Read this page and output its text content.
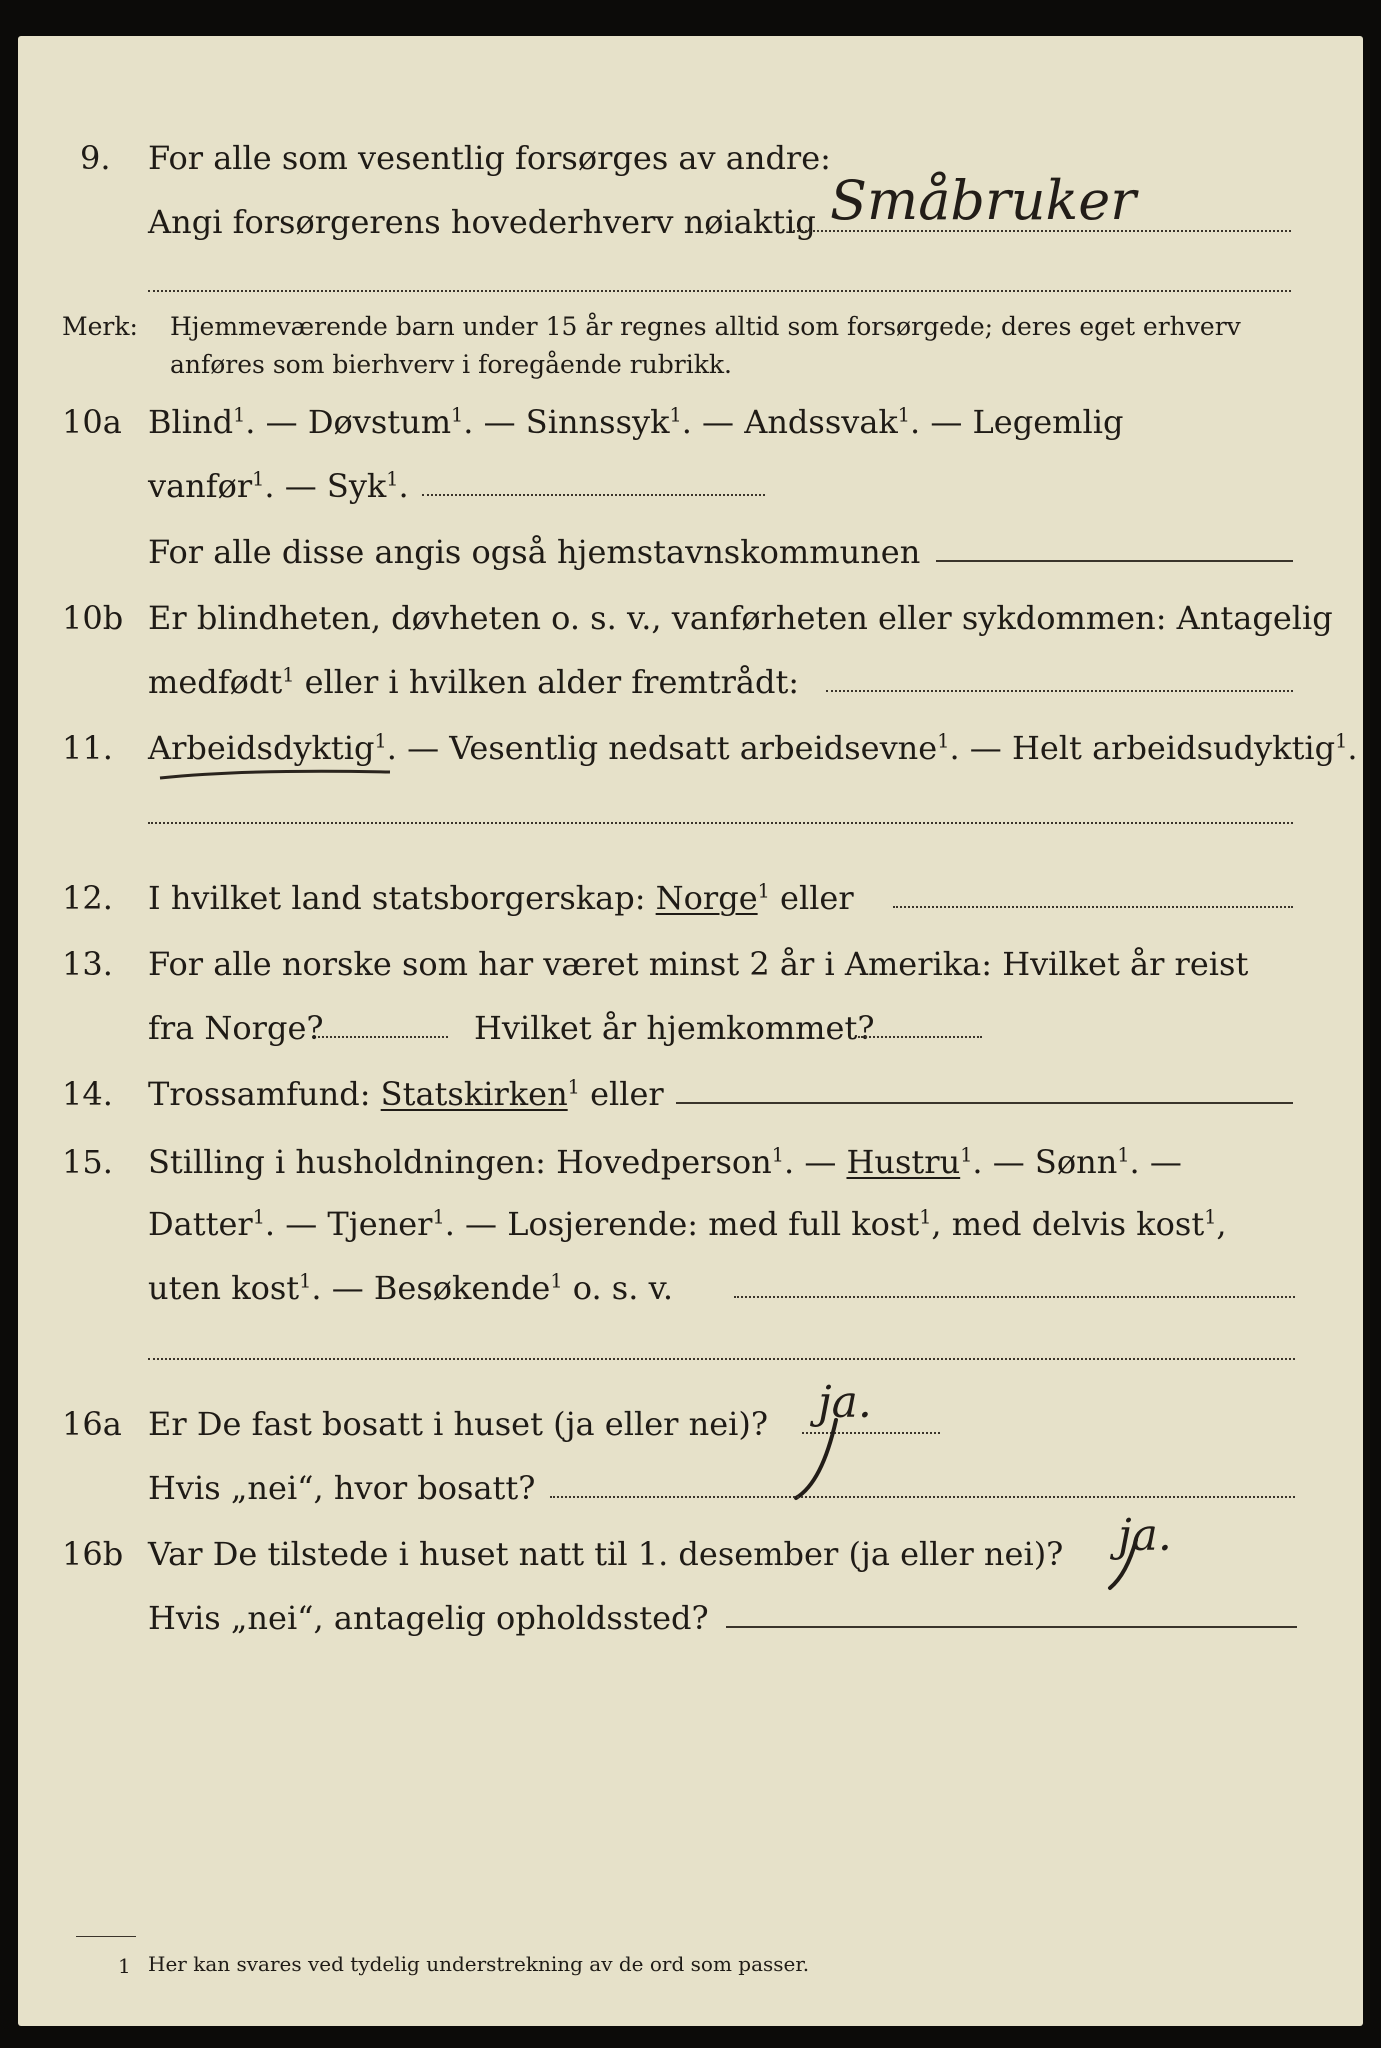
9. For alle som vesentlig forsørges av andre:
Angi forsørgerens hovederhverv nøiaktig Småbruker
Merk: Hjemmeværende barn under 15 år regnes alltid som forsørgede; deres eget erhverv
anføres som bierhverv i foregående rubrikk.
10a Blind$^1$. — Døvstum$^1$. — Sinnssyk$^1$. — Andssvak$^1$. — Legemlig
vanfør$^1$. — Syk$^1$.
For alle disse angis også hjemstavnskommunen
10b Er blindheten, døvheten o. s. v., vanførheten eller sykdommen: Antagelig
medfødt$^1$ eller i hvilken alder fremtrådt:
11. Arbeidsdyktig$^1$. — Vesentlig nedsatt arbeidsevne$^1$. — Helt arbeidsudyktig$^1$.
12. I hvilket land statsborgerskap: Norge$^1$ eller
13. For alle norske som har været minst 2 år i Amerika: Hvilket år reist
fra Norge?	Hvilket år hjemkommet?
14. Trossamfund: Statskirken$^1$ eller
15. Stilling i husholdningen: Hovedperson$^1$. — Hustru$^1$. — Sønn$^1$. —
Datter$^1$. — Tjener$^1$. — Losjerende: med full kost$^1$, med delvis kost$^1$,
uten kost$^1$. — Besøkende$^1$ o. s. v.
16a Er De fast bosatt i huset (ja eller nei)? ja.
Hvis „nei“, hvor bosatt?
16b Var De tilstede i huset natt til 1. desember (ja eller nei)? ja.
Hvis „nei“, antagelig opholdssted?
1 Her kan svares ved tydelig understrekning av de ord som passer.
